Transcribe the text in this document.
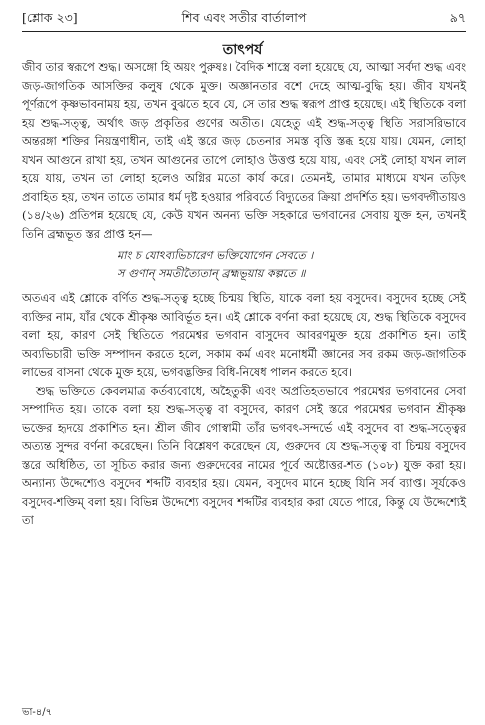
[শ্লোক ২৩]	শিব এবং সতীর বার্তালাপ	৯৭
তাৎপর্য

জীব তার স্বরূপে শুদ্ধ। অসঙ্গো হি অয়ং পুরুষঃ। বৈদিক শাস্ত্রে বলা হয়েছে যে, আত্মা সর্বদা শুদ্ধ এবং জড়-জাগতিক আসক্তির কলুষ থেকে মুক্ত। অজ্ঞানতার বশে দেহে আত্ম-বুদ্ধি হয়। জীব যখনই পূর্ণরূপে কৃষ্ণভাবনাময় হয়, তখন বুঝতে হবে যে, সে তার শুদ্ধ স্বরূপ প্রাপ্ত হয়েছে। এই স্থিতিকে বলা হয় শুদ্ধ-সত্ত্ব, অর্থাৎ জড় প্রকৃতির গুণের অতীত। যেহেতু এই শুদ্ধ-সত্ত্ব স্থিতি সরাসরিভাবে অন্তরঙ্গা শক্তির নিয়ন্ত্রণাধীন, তাই এই স্তরে জড় চেতনার সমস্ত বৃত্তি স্তব্ধ হয়ে যায়। যেমন, লোহা যখন আগুনে রাখা হয়, তখন আগুনের তাপে লোহাও উত্তপ্ত হয়ে যায়, এবং সেই লোহা যখন লাল হয়ে যায়, তখন তা লোহা হলেও অগ্নির মতো কার্য করে। তেমনই, তামার মাধ্যমে যখন তড়িৎ প্রবাহিত হয়, তখন তাতে তামার ধর্ম দৃষ্ট হওয়ার পরিবর্তে বিদ্যুতের ক্রিয়া প্রদর্শিত হয়। ভগবদ্গীতায়ও (১৪/২৬) প্রতিপন্ন হয়েছে যে, কেউ যখন অনন্য ভক্তি সহকারে ভগবানের সেবায় যুক্ত হন, তখনই তিনি ব্রহ্মভূত স্তর প্রাপ্ত হন—

মাং চ যোঽব্যভিচারেণ ভক্তিযোগেন সেবতে ।
স গুণান্ সমতীত্যৈতান্ ব্রহ্মভূয়ায় কল্পতে ॥

অতএব এই শ্লোকে বর্ণিত শুদ্ধ-সত্ত্ব হচ্ছে চিন্ময় স্থিতি, যাকে বলা হয় বসুদেব। বসুদেব হচ্ছে সেই ব্যক্তির নাম, যাঁর থেকে শ্রীকৃষ্ণ আবির্ভূত হন। এই শ্লোকে বর্ণনা করা হয়েছে যে, শুদ্ধ স্থিতিকে বসুদেব বলা হয়, কারণ সেই স্থিতিতে পরমেশ্বর ভগবান বাসুদেব আবরণমুক্ত হয়ে প্রকাশিত হন। তাই অব্যভিচারী ভক্তি সম্পাদন করতে হলে, সকাম কর্ম এবং মনোধর্মী জ্ঞানের সব রকম জড়-জাগতিক লাভের বাসনা থেকে মুক্ত হয়ে, ভগবদ্ভক্তির বিধি-নিষেধ পালন করতে হবে।

শুদ্ধ ভক্তিতে কেবলমাত্র কর্তব্যবোধে, অহৈতুকী এবং অপ্রতিহতভাবে পরমেশ্বর ভগবানের সেবা সম্পাদিত হয়। তাকে বলা হয় শুদ্ধ-সত্ত্ব বা বসুদেব, কারণ সেই স্তরে পরমেশ্বর ভগবান শ্রীকৃষ্ণ ভক্তের হৃদয়ে প্রকাশিত হন। শ্রীল জীব গোস্বামী তাঁর ভগবৎ-সন্দর্ভে এই বসুদেব বা শুদ্ধ-সত্ত্বের অত্যন্ত সুন্দর বর্ণনা করেছেন। তিনি বিশ্লেষণ করেছেন যে, গুরুদেব যে শুদ্ধ-সত্ত্ব বা চিন্ময় বসুদেব স্তরে অধিষ্ঠিত, তা সূচিত করার জন্য গুরুদেবের নামের পূর্বে অষ্টোত্তর-শত (১০৮) যুক্ত করা হয়। অন্যান্য উদ্দেশ্যেও বসুদেব শব্দটি ব্যবহার হয়। যেমন, বসুদেব মানে হচ্ছে যিনি সর্ব ব্যাপ্ত। সূর্যকেও বসুদেব-শক্তিম্ বলা হয়। বিভিন্ন উদ্দেশ্যে বসুদেব শব্দটির ব্যবহার করা যেতে পারে, কিন্তু যে উদ্দেশ্যেই তা

ভা-৪/৭
